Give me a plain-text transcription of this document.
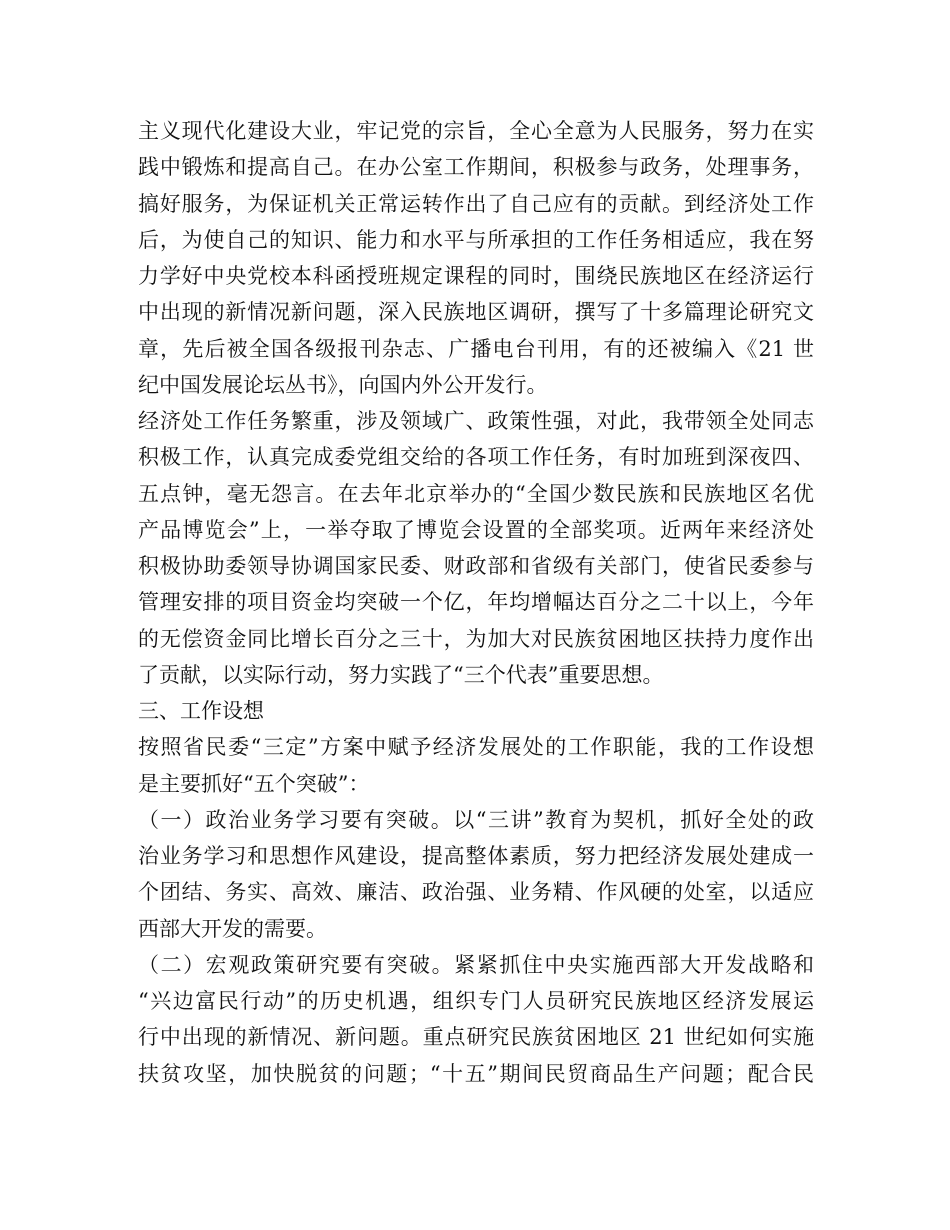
主义现代化建设大业，牢记党的宗旨，全心全意为人民服务，努力在实
践中锻炼和提高自己。在办公室工作期间，积极参与政务，处理事务，
搞好服务，为保证机关正常运转作出了自己应有的贡献。到经济处工作
后，为使自己的知识、能力和水平与所承担的工作任务相适应，我在努
力学好中央党校本科函授班规定课程的同时，围绕民族地区在经济运行
中出现的新情况新问题，深入民族地区调研，撰写了十多篇理论研究文
章，先后被全国各级报刊杂志、广播电台刊用，有的还被编入《21 世
纪中国发展论坛丛书》，向国内外公开发行。
经济处工作任务繁重，涉及领域广、政策性强，对此，我带领全处同志
积极工作，认真完成委党组交给的各项工作任务，有时加班到深夜四、
五点钟，毫无怨言。在去年北京举办的“全国少数民族和民族地区名优
产品博览会”上，一举夺取了博览会设置的全部奖项。近两年来经济处
积极协助委领导协调国家民委、财政部和省级有关部门，使省民委参与
管理安排的项目资金均突破一个亿，年均增幅达百分之二十以上，今年
的无偿资金同比增长百分之三十，为加大对民族贫困地区扶持力度作出
了贡献，以实际行动，努力实践了“三个代表”重要思想。
三、工作设想
按照省民委“三定”方案中赋予经济发展处的工作职能，我的工作设想
是主要抓好“五个突破”：
（一）政治业务学习要有突破。以“三讲”教育为契机，抓好全处的政
治业务学习和思想作风建设，提高整体素质，努力把经济发展处建成一
个团结、务实、高效、廉洁、政治强、业务精、作风硬的处室，以适应
西部大开发的需要。
（二）宏观政策研究要有突破。紧紧抓住中央实施西部大开发战略和
“兴边富民行动”的历史机遇，组织专门人员研究民族地区经济发展运
行中出现的新情况、新问题。重点研究民族贫困地区 21 世纪如何实施
扶贫攻坚，加快脱贫的问题；“十五”期间民贸商品生产问题；配合民
